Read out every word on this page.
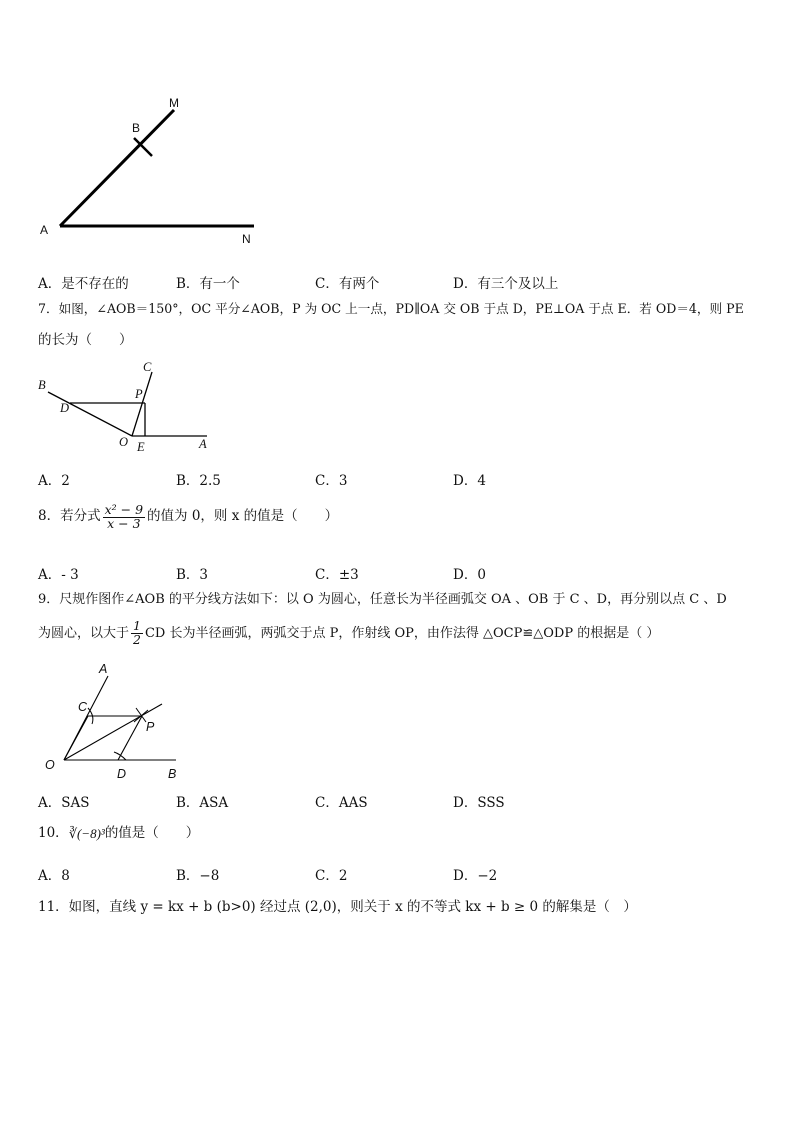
M
B
A
N
A．是不存在的	B．有一个	C．有两个	D．有三个及以上
7．如图，∠AOB＝150°，OC 平分∠AOB，P 为 OC 上一点，PD∥OA 交 OB 于点 D，PE⊥OA 于点 E．若 OD＝4，则 PE
的长为（　　）
C
B
P
D
O E	A
A．2	B．2.5	C．3	D．4
8．若分式 $\frac{\text{x² − 9}}{x - 3}$ 的值为 0，则 x 的值是（　　）
A．- 3	B．3	C．±3	D．0
9．尺规作图作∠AOB 的平分线方法如下：以 O 为圆心，任意长为半径画弧交 OA 、OB 于 C 、D，再分别以点 C 、D
为圆心，以大于 $\frac{1}{2}$ CD 长为半径画弧，两弧交于点 P，作射线 OP，由作法得 △OCP≌△ODP 的根据是（ ）
A
C
P
O
D	B
A．SAS	B．ASA	C．AAS	D．SSS
10． ∛(−8)³ 的值是（　　）
A．8	B．−8	C．2	D．−2
11．如图，直线 y = kx + b (b>0) 经过点 (2,0)，则关于 x 的不等式 kx + b ≥ 0 的解集是（　）
